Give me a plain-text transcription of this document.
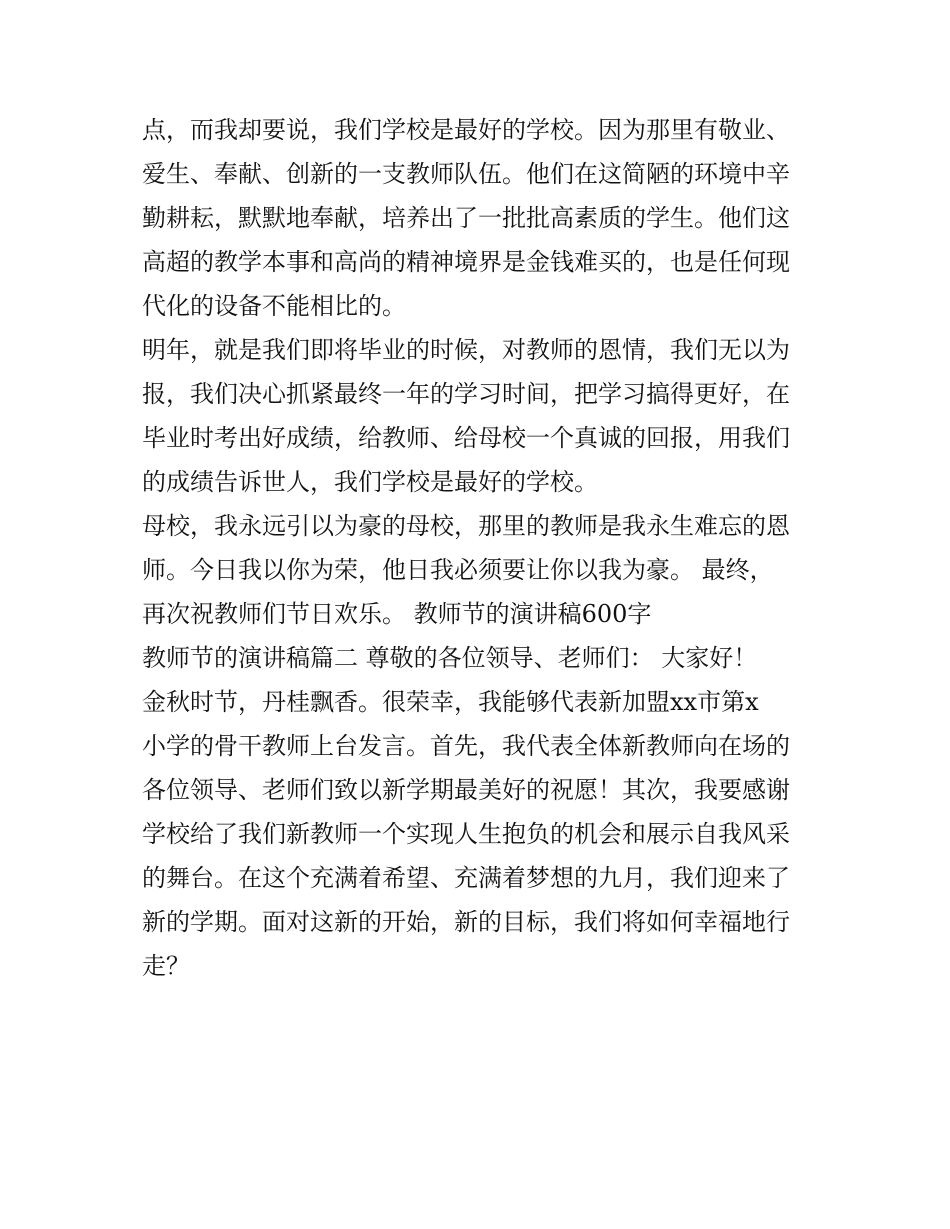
点，而我却要说，我们学校是最好的学校。因为那里有敬业、
爱生、奉献、创新的一支教师队伍。他们在这简陋的环境中辛
勤耕耘，默默地奉献，培养出了一批批高素质的学生。他们这
高超的教学本事和高尚的精神境界是金钱难买的，也是任何现
代化的设备不能相比的。
明年，就是我们即将毕业的时候，对教师的恩情，我们无以为
报，我们决心抓紧最终一年的学习时间，把学习搞得更好，在
毕业时考出好成绩，给教师、给母校一个真诚的回报，用我们
的成绩告诉世人，我们学校是最好的学校。
母校，我永远引以为豪的母校，那里的教师是我永生难忘的恩
师。今日我以你为荣，他日我必须要让你以我为豪。 最终，
再次祝教师们节日欢乐。 教师节的演讲稿600字
教师节的演讲稿篇二 尊敬的各位领导、老师们： 大家好！
金秋时节，丹桂飘香。很荣幸，我能够代表新加盟xx市第x
小学的骨干教师上台发言。首先，我代表全体新教师向在场的
各位领导、老师们致以新学期最美好的祝愿！其次，我要感谢
学校给了我们新教师一个实现人生抱负的机会和展示自我风采
的舞台。在这个充满着希望、充满着梦想的九月，我们迎来了
新的学期。面对这新的开始，新的目标，我们将如何幸福地行
走？
